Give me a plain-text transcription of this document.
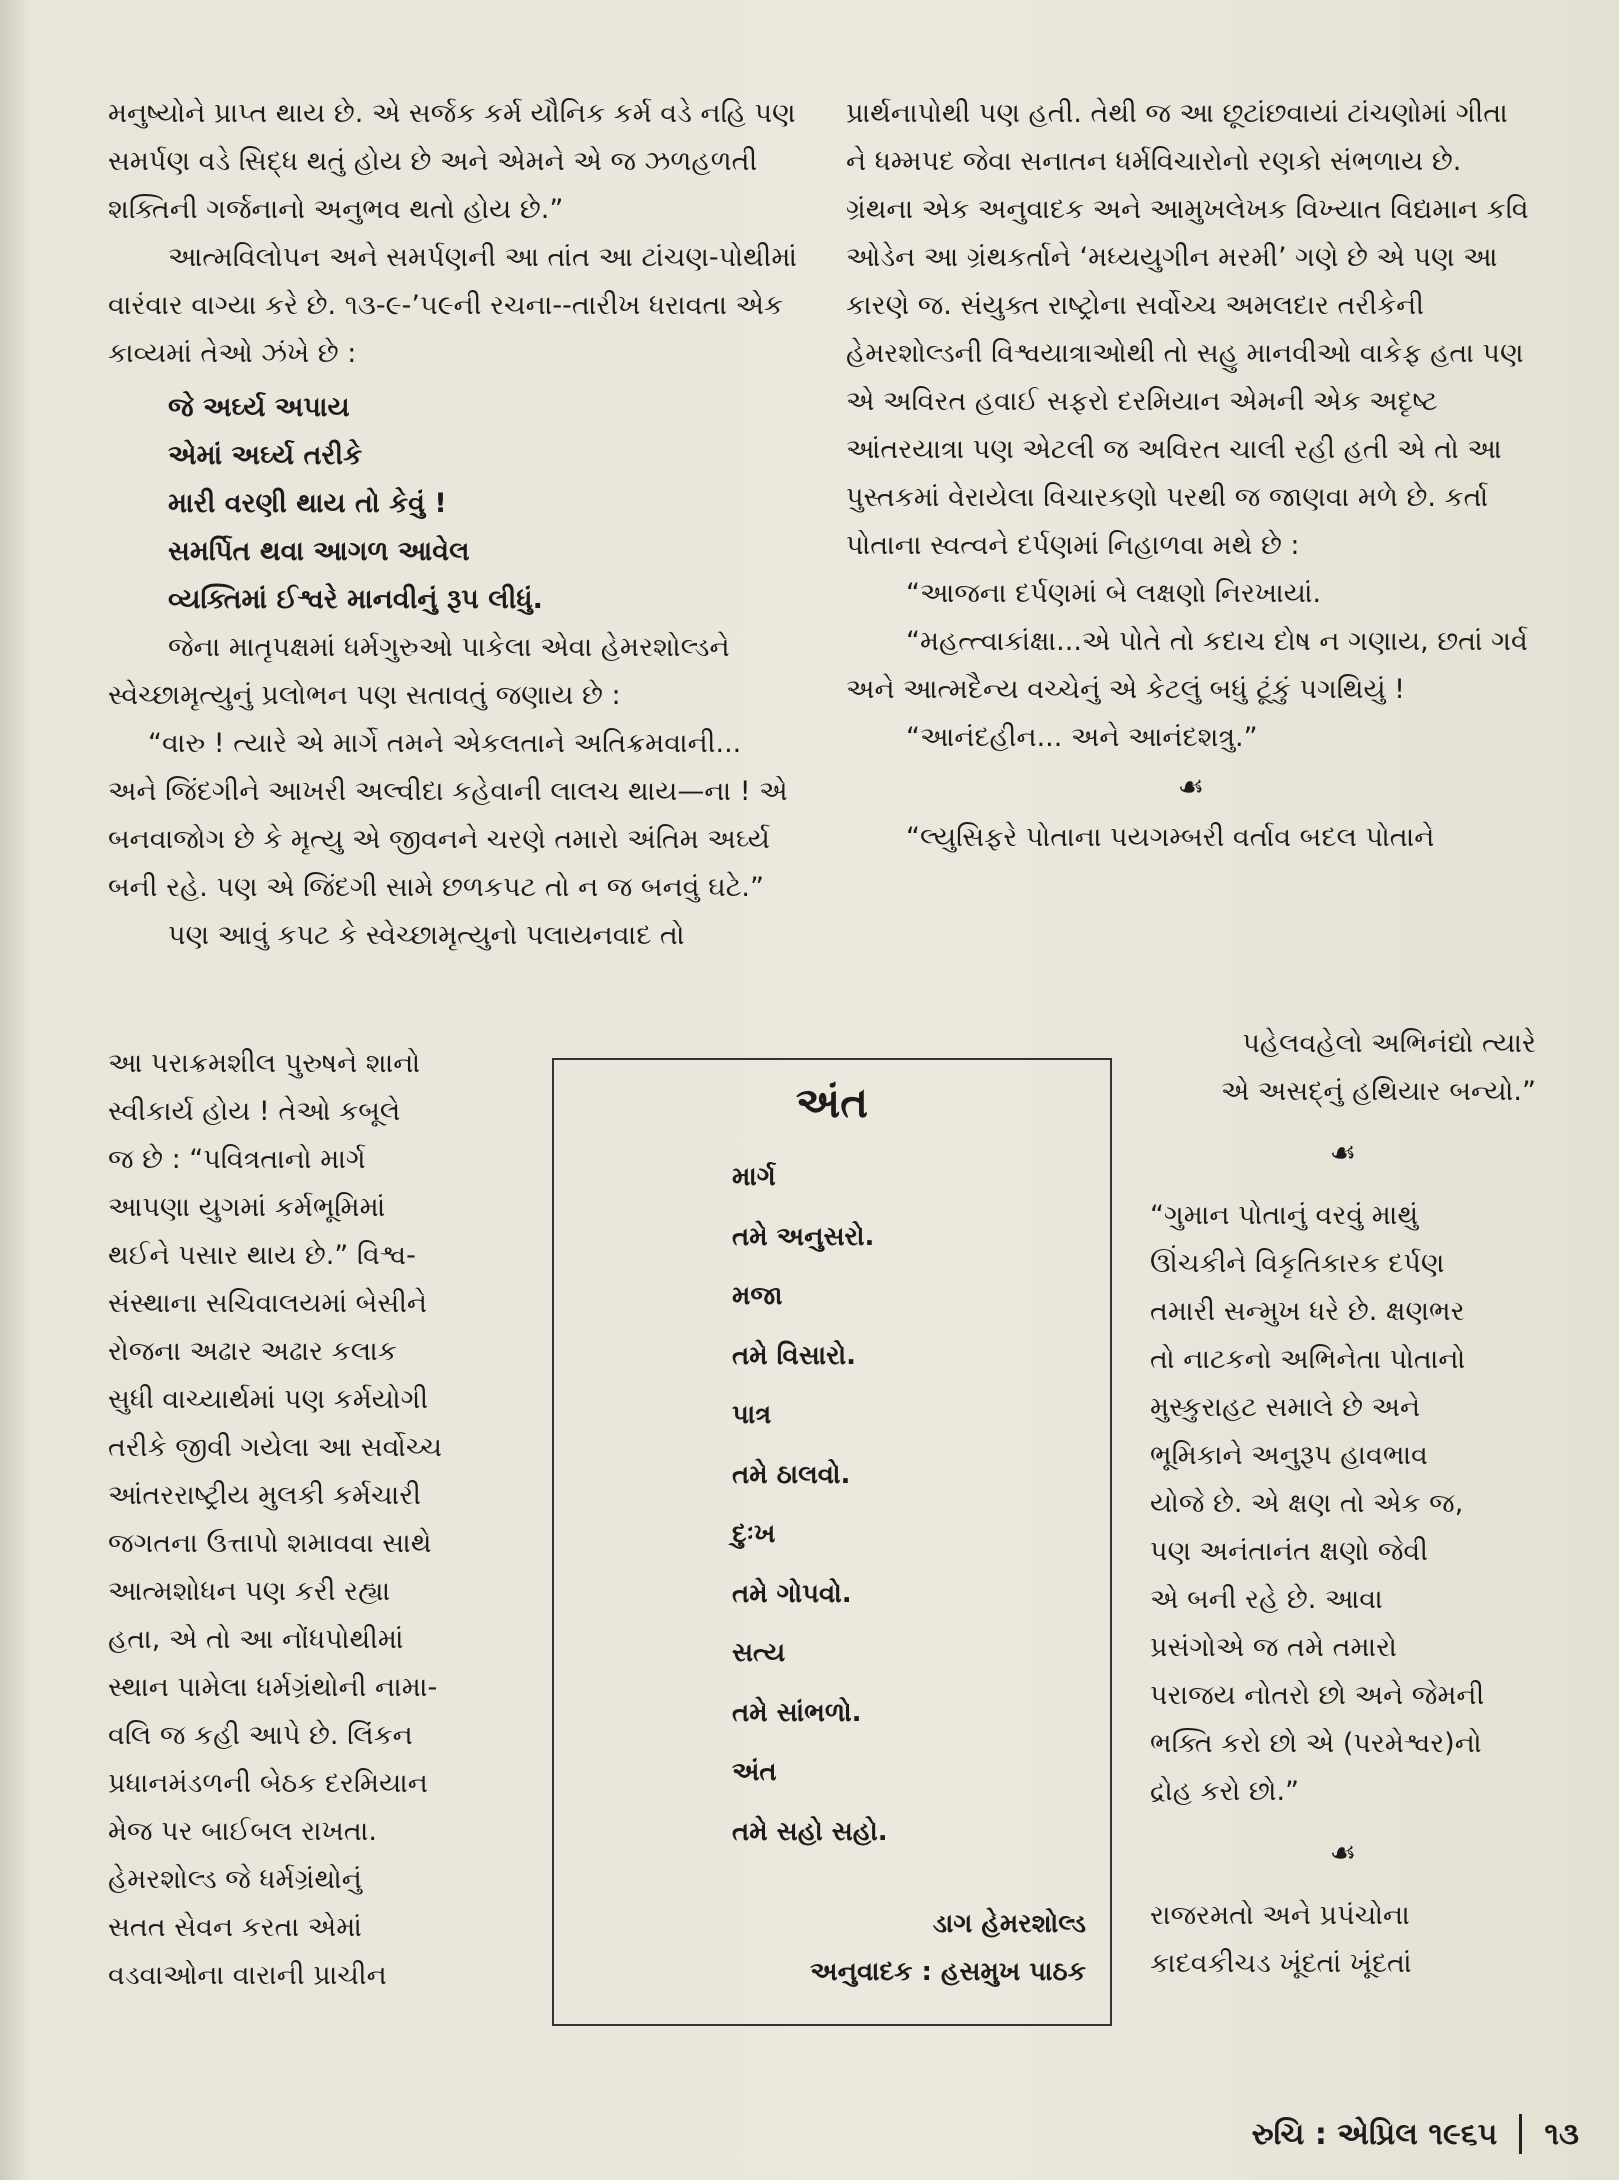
મનુષ્યોને પ્રાપ્ત થાય છે. એ સર્જક કર્મ યૌનિક કર્મ વડે નહિ પણ સમર્પણ વડે સિદ્ધ થતું હોય છે અને એમને એ જ ઝળહળતી શક્તિની ગર્જનાનો અનુભવ થતો હોય છે.”

આત્મવિલોપન અને સમર્પણની આ તાંત આ ટાંચણ-પોથીમાં વારંવાર વાગ્યા કરે છે. ૧૩-૯-’૫૯ની રચના--તારીખ ધરાવતા એક કાવ્યમાં તેઓ ઝંખે છે :

જે અર્ઘ્ય અપાય
એમાં અર્ઘ્ય તરીકે
મારી વરણી થાય તો કેવું !
સમર્પિત થવા આગળ આવેલ
વ્યક્તિમાં ઈશ્વરે માનવીનું રૂપ લીધું.

જેના માતૃપક્ષમાં ધર્મગુરુઓ પાકેલા એવા હેમરશોલ્ડને સ્વેચ્છામૃત્યુનું પ્રલોભન પણ સતાવતું જણાય છે :

“વારુ ! ત્યારે એ માર્ગે તમને એકલતાને અતિક્રમવાની... અને જિંદગીને આખરી અલ્વીદા કહેવાની લાલચ થાય—ના ! એ બનવાજોગ છે કે મૃત્યુ એ જીવનને ચરણે તમારો અંતિમ અર્ઘ્ય બની રહે. પણ એ જિંદગી સામે છળકપટ તો ન જ બનવું ઘટે.”

પણ આવું કપટ કે સ્વેચ્છામૃત્યુનો પલાયનવાદ તો

આ પરાક્રમશીલ પુરુષને શાનો
સ્વીકાર્ય હોય ! તેઓ કબૂલે
જ છે : “પવિત્રતાનો માર્ગ
આપણા યુગમાં કર્મભૂમિમાં
થઈને પસાર થાય છે.” વિશ્વ-
સંસ્થાના સચિવાલયમાં બેસીને
રોજના અઢાર અઢાર કલાક
સુધી વાચ્યાર્થમાં પણ કર્મયોગી
તરીકે જીવી ગયેલા આ સર્વોચ્ચ
આંતરરાષ્ટ્રીય મુલકી કર્મચારી
જગતના ઉત્તાપો શમાવવા સાથે
આત્મશોધન પણ કરી રહ્યા
હતા, એ તો આ નોંધપોથીમાં
સ્થાન પામેલા ધર્મગ્રંથોની નામા-
વલિ જ કહી આપે છે. લિંકન
પ્રધાનમંડળની બેઠક દરમિયાન
મેજ પર બાઈબલ રાખતા.
હેમરશોલ્ડ જે ધર્મગ્રંથોનું
સતત સેવન કરતા એમાં
વડવાઓના વારાની પ્રાચીન

પ્રાર્થનાપોથી પણ હતી. તેથી જ આ છૂટાંછવાયાં ટાંચણોમાં ગીતા ને ધમ્મપદ જેવા સનાતન ધર્મવિચારોનો રણકો સંભળાય છે. ગ્રંથના એક અનુવાદક અને આમુખલેખક વિખ્યાત વિદ્યમાન કવિ ઓડેન આ ગ્રંથકર્તાને ‘મધ્યયુગીન મરમી’ ગણે છે એ પણ આ કારણે જ. સંયુક્ત રાષ્ટ્રોના સર્વોચ્ચ અમલદાર તરીકેની હેમરશોલ્ડની વિશ્વયાત્રાઓથી તો સહુ માનવીઓ વાકેફ હતા પણ એ અવિરત હવાઈ સફરો દરમિયાન એમની એક અદૃષ્ટ આંતરયાત્રા પણ એટલી જ અવિરત ચાલી રહી હતી એ તો આ પુસ્તકમાં વેરાયેલા વિચારકણો પરથી જ જાણવા મળે છે. કર્તા પોતાના સ્વત્વને દર્પણમાં નિહાળવા મથે છે :

“આજના દર્પણમાં બે લક્ષણો નિરખાયાં.

“મહત્ત્વાકાંક્ષા...એ પોતે તો કદાચ દોષ ન ગણાય, છતાં ગર્વ અને આત્મદૈન્ય વચ્ચેનું એ કેટલું બધું ટૂંકું પગથિયું !

“આનંદહીન... અને આનંદશત્રુ.”

☙

“લ્યુસિફરે પોતાના પયગમ્બરી વર્તાવ બદલ પોતાને

પહેલવહેલો અભિનંદ્યો ત્યારે
એ અસદ્‌નું હથિયાર બન્યો.”
☙
“ગુમાન પોતાનું વરવું માથું
ઊંચકીને વિકૃતિકારક દર્પણ
તમારી સન્મુખ ધરે છે. ક્ષણભર
તો નાટકનો અભિનેતા પોતાનો
મુસ્કુરાહટ સમાલે છે અને
ભૂમિકાને અનુરૂપ હાવભાવ
યોજે છે. એ ક્ષણ તો એક જ,
પણ અનંતાનંત ક્ષણો જેવી
એ બની રહે છે. આવા
પ્રસંગોએ જ તમે તમારો
પરાજય નોતરો છો અને જેમની
ભક્તિ કરો છો એ (પરમેશ્વર)નો
દ્રોહ કરો છો.”
☙
રાજરમતો અને પ્રપંચોના
કાદવકીચડ ખૂંદતાં ખૂંદતાં
અંત
માર્ગ
તમે અનુસરો.
મજા
તમે વિસારો.
પાત્ર
તમે ઠાલવો.
દુઃખ
તમે ગોપવો.
સત્ય
તમે સાંભળો.
અંત
તમે સહો સહો.
ડાગ હેમરશોલ્ડ
અનુવાદક : હસમુખ પાઠક
રુચિ : એપ્રિલ ૧૯૬૫ ૧૩
